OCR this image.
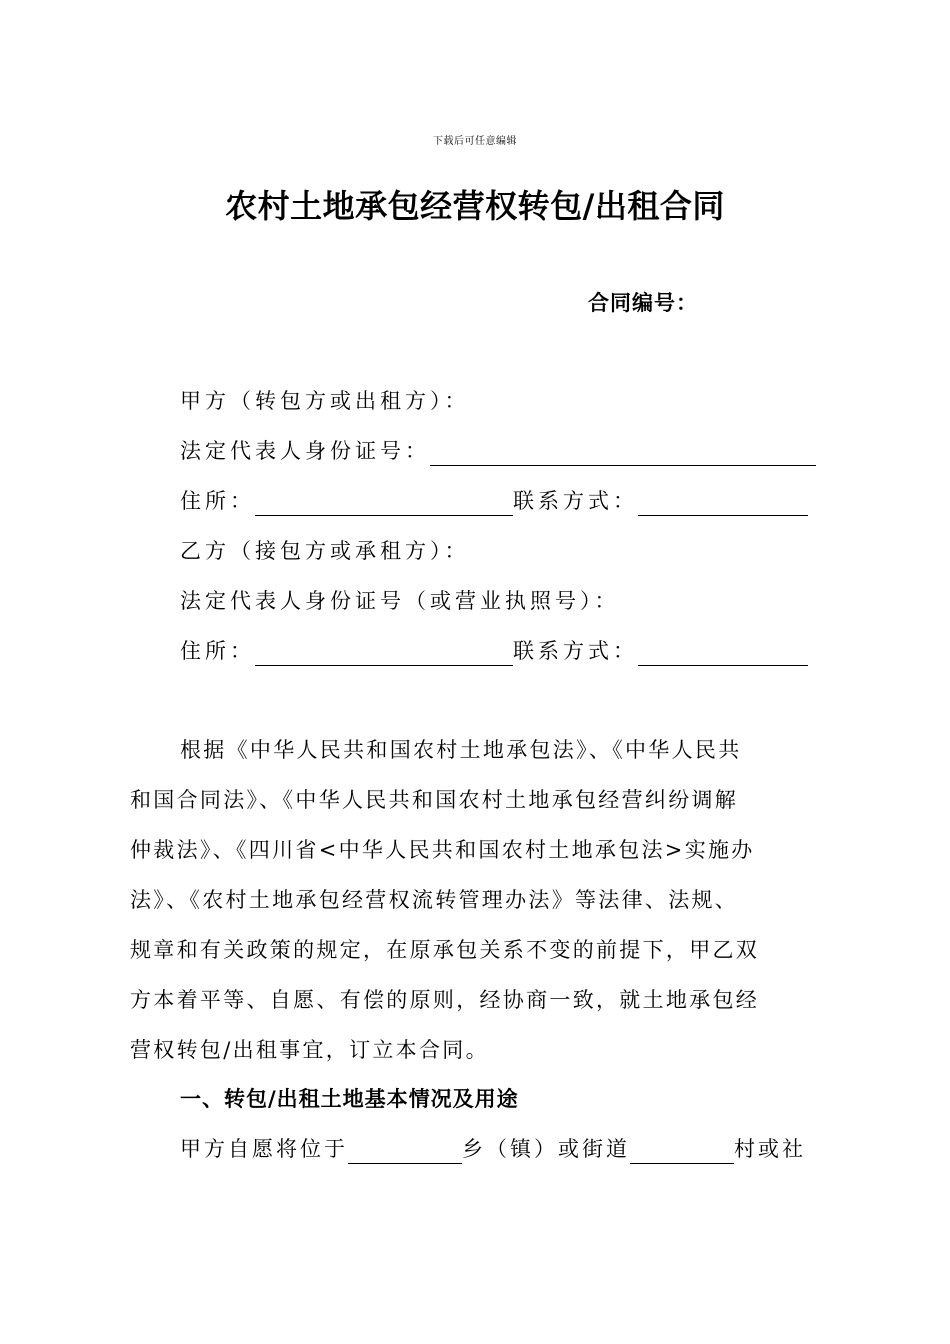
下载后可任意编辑
农村土地承包经营权转包/出租合同
合同编号：
甲方（转包方或出租方）：
法定代表人身份证号：
住所：	联系方式：
乙方（接包方或承租方）：
法定代表人身份证号（或营业执照号）：
住所：	联系方式：
根据《中华人民共和国农村土地承包法》、《中华人民共
和国合同法》、《中华人民共和国农村土地承包经营纠纷调解
仲裁法》、《四川省<中华人民共和国农村土地承包法>实施办
法》、《农村土地承包经营权流转管理办法》等法律、法规、
规章和有关政策的规定，在原承包关系不变的前提下，甲乙双
方本着平等、自愿、有偿的原则，经协商一致，就土地承包经
营权转包/出租事宜，订立本合同。
一、转包/出租土地基本情况及用途
甲方自愿将位于	乡（镇）或街道	村或社
